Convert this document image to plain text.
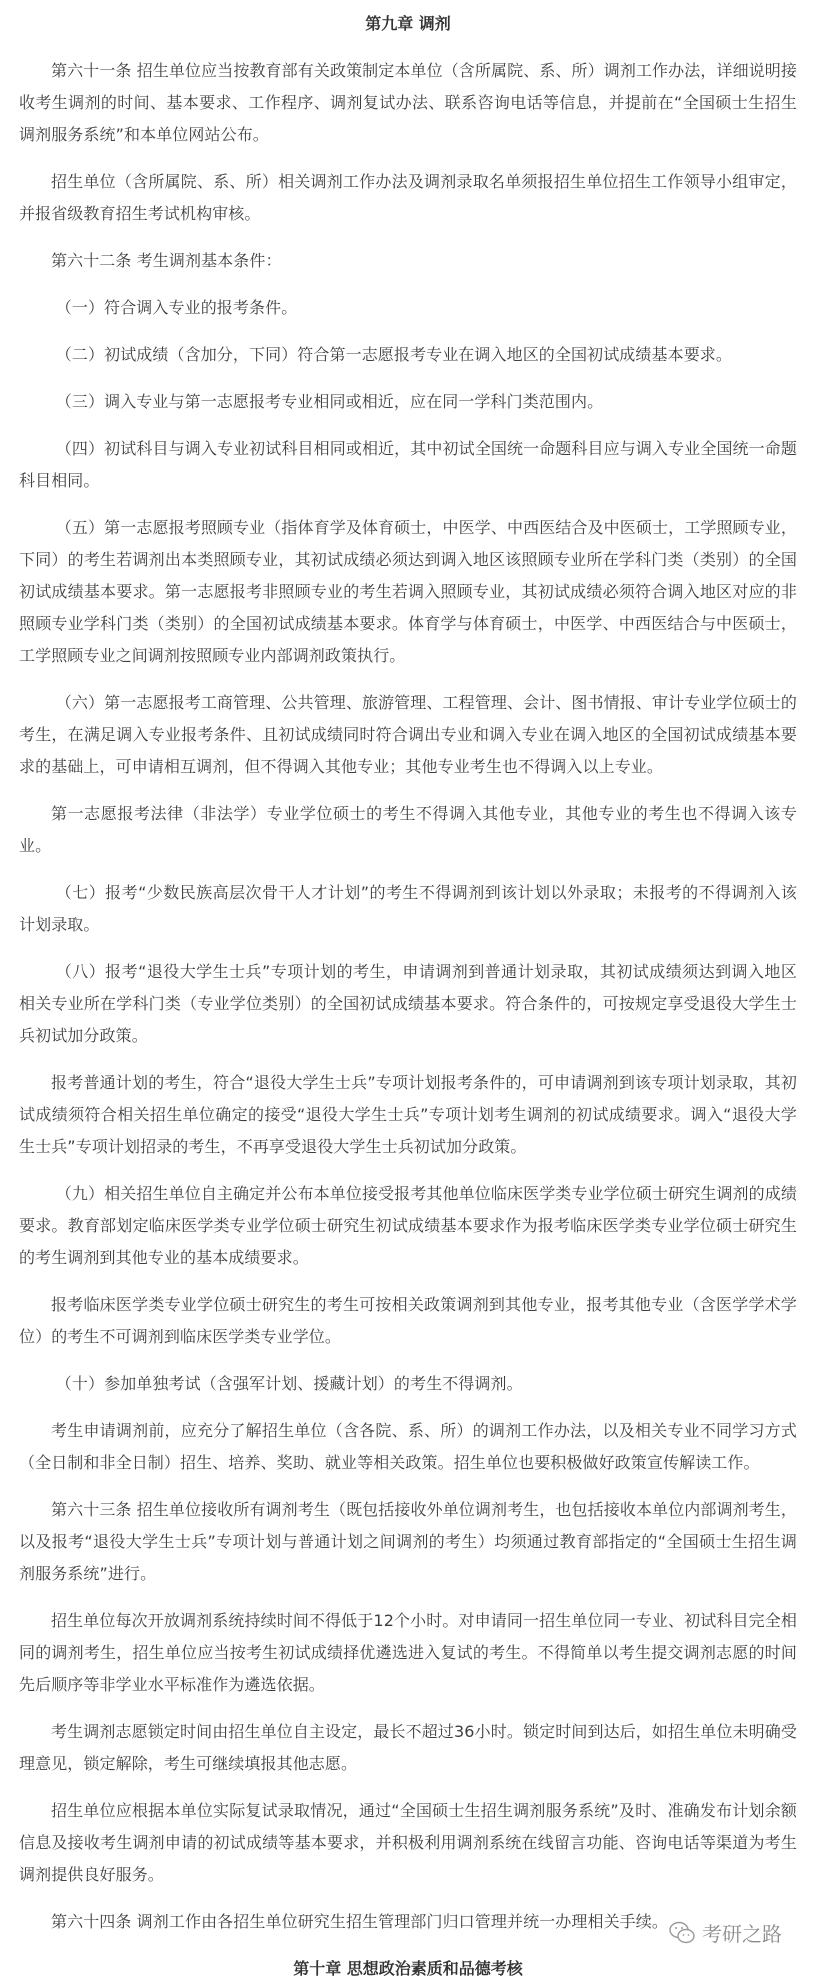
第九章 调剂

第六十一条 招生单位应当按教育部有关政策制定本单位（含所属院、系、所）调剂工作办法，详细说明接收考生调剂的时间、基本要求、工作程序、调剂复试办法、联系咨询电话等信息，并提前在“全国硕士生招生调剂服务系统”和本单位网站公布。

招生单位（含所属院、系、所）相关调剂工作办法及调剂录取名单须报招生单位招生工作领导小组审定，并报省级教育招生考试机构审核。

第六十二条 考生调剂基本条件：

（一）符合调入专业的报考条件。

（二）初试成绩（含加分，下同）符合第一志愿报考专业在调入地区的全国初试成绩基本要求。

（三）调入专业与第一志愿报考专业相同或相近，应在同一学科门类范围内。

（四）初试科目与调入专业初试科目相同或相近，其中初试全国统一命题科目应与调入专业全国统一命题科目相同。

（五）第一志愿报考照顾专业（指体育学及体育硕士，中医学、中西医结合及中医硕士，工学照顾专业，下同）的考生若调剂出本类照顾专业，其初试成绩必须达到调入地区该照顾专业所在学科门类（类别）的全国初试成绩基本要求。第一志愿报考非照顾专业的考生若调入照顾专业，其初试成绩必须符合调入地区对应的非照顾专业学科门类（类别）的全国初试成绩基本要求。体育学与体育硕士，中医学、中西医结合与中医硕士，工学照顾专业之间调剂按照顾专业内部调剂政策执行。

（六）第一志愿报考工商管理、公共管理、旅游管理、工程管理、会计、图书情报、审计专业学位硕士的考生，在满足调入专业报考条件、且初试成绩同时符合调出专业和调入专业在调入地区的全国初试成绩基本要求的基础上，可申请相互调剂，但不得调入其他专业；其他专业考生也不得调入以上专业。

第一志愿报考法律（非法学）专业学位硕士的考生不得调入其他专业，其他专业的考生也不得调入该专业。

（七）报考“少数民族高层次骨干人才计划”的考生不得调剂到该计划以外录取；未报考的不得调剂入该计划录取。

（八）报考“退役大学生士兵”专项计划的考生，申请调剂到普通计划录取，其初试成绩须达到调入地区相关专业所在学科门类（专业学位类别）的全国初试成绩基本要求。符合条件的，可按规定享受退役大学生士兵初试加分政策。

报考普通计划的考生，符合“退役大学生士兵”专项计划报考条件的，可申请调剂到该专项计划录取，其初试成绩须符合相关招生单位确定的接受“退役大学生士兵”专项计划考生调剂的初试成绩要求。调入“退役大学生士兵”专项计划招录的考生，不再享受退役大学生士兵初试加分政策。

（九）相关招生单位自主确定并公布本单位接受报考其他单位临床医学类专业学位硕士研究生调剂的成绩要求。教育部划定临床医学类专业学位硕士研究生初试成绩基本要求作为报考临床医学类专业学位硕士研究生的考生调剂到其他专业的基本成绩要求。

报考临床医学类专业学位硕士研究生的考生可按相关政策调剂到其他专业，报考其他专业（含医学学术学位）的考生不可调剂到临床医学类专业学位。

（十）参加单独考试（含强军计划、援藏计划）的考生不得调剂。

考生申请调剂前，应充分了解招生单位（含各院、系、所）的调剂工作办法，以及相关专业不同学习方式（全日制和非全日制）招生、培养、奖助、就业等相关政策。招生单位也要积极做好政策宣传解读工作。

第六十三条 招生单位接收所有调剂考生（既包括接收外单位调剂考生，也包括接收本单位内部调剂考生，以及报考“退役大学生士兵”专项计划与普通计划之间调剂的考生）均须通过教育部指定的“全国硕士生招生调剂服务系统”进行。

招生单位每次开放调剂系统持续时间不得低于12个小时。对申请同一招生单位同一专业、初试科目完全相同的调剂考生，招生单位应当按考生初试成绩择优遴选进入复试的考生。不得简单以考生提交调剂志愿的时间先后顺序等非学业水平标准作为遴选依据。

考生调剂志愿锁定时间由招生单位自主设定，最长不超过36小时。锁定时间到达后，如招生单位未明确受理意见，锁定解除，考生可继续填报其他志愿。

招生单位应根据本单位实际复试录取情况，通过“全国硕士生招生调剂服务系统”及时、准确发布计划余额信息及接收考生调剂申请的初试成绩等基本要求，并积极利用调剂系统在线留言功能、咨询电话等渠道为考生调剂提供良好服务。

第六十四条 调剂工作由各招生单位研究生招生管理部门归口管理并统一办理相关手续。

第十章 思想政治素质和品德考核
考研之路
